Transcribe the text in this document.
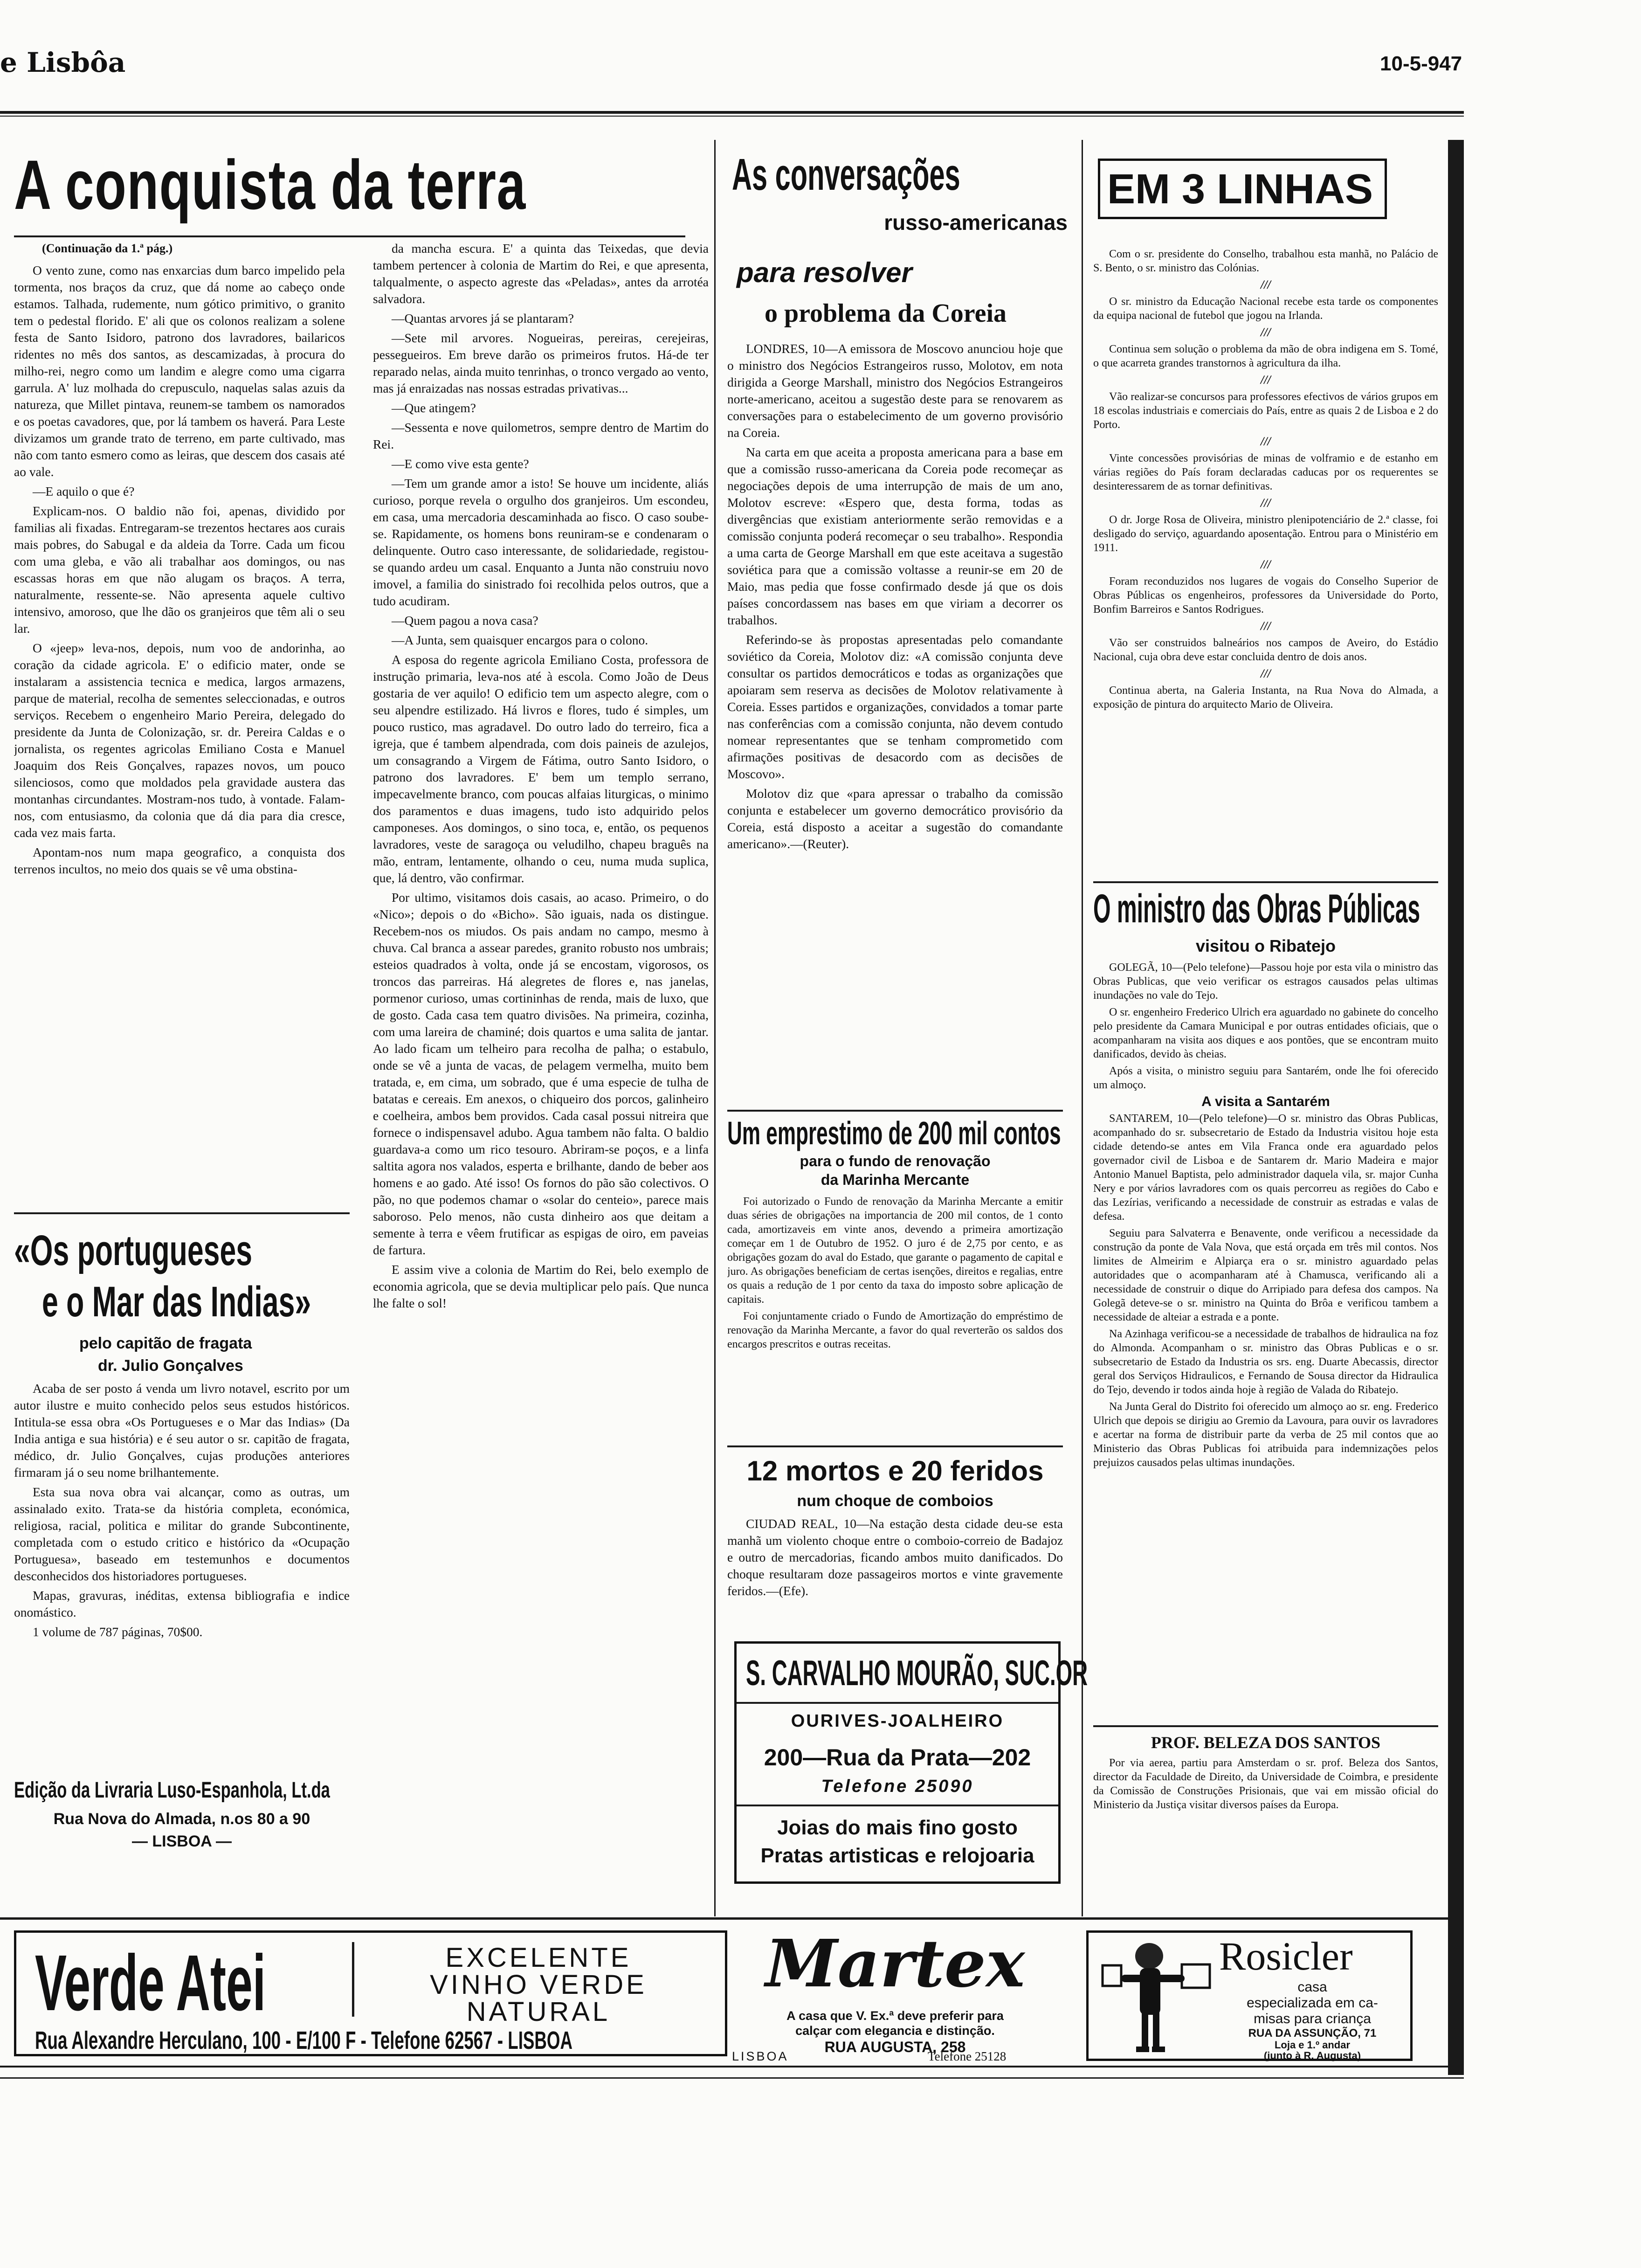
e Lisbôa	10-5-947
A conquista da terra
(Continuação da 1.ª pág.)

O vento zune, como nas enxarcias dum barco impelido pela tormenta, nos braços da cruz, que dá nome ao cabeço onde estamos. Talhada, rudemente, num gótico primitivo, o granito tem o pedestal florido. E' ali que os colonos realizam a solene festa de Santo Isidoro, patrono dos lavradores, bailaricos ridentes no mês dos santos, as descamizadas, à procura do milho-rei, negro como um landim e alegre como uma cigarra garrula. A' luz molhada do crepusculo, naquelas salas azuis da natureza, que Millet pintava, reunem-se tambem os namorados e os poetas cavadores, que, por lá tambem os haverá. Para Leste divizamos um grande trato de terreno, em parte cultivado, mas não com tanto esmero como as leiras, que descem dos casais até ao vale.

—E aquilo o que é?

Explicam-nos. O baldio não foi, apenas, dividido por familias ali fixadas. Entregaram-se trezentos hectares aos curais mais pobres, do Sabugal e da aldeia da Torre. Cada um ficou com uma gleba, e vão ali trabalhar aos domingos, ou nas escassas horas em que não alugam os braços. A terra, naturalmente, ressente-se. Não apresenta aquele cultivo intensivo, amoroso, que lhe dão os granjeiros que têm ali o seu lar.

O «jeep» leva-nos, depois, num voo de andorinha, ao coração da cidade agricola. E' o edificio mater, onde se instalaram a assistencia tecnica e medica, largos armazens, parque de material, recolha de sementes seleccionadas, e outros serviços. Recebem o engenheiro Mario Pereira, delegado do presidente da Junta de Colonização, sr. dr. Pereira Caldas e o jornalista, os regentes agricolas Emiliano Costa e Manuel Joaquim dos Reis Gonçalves, rapazes novos, um pouco silenciosos, como que moldados pela gravidade austera das montanhas circundantes. Mostram-nos tudo, à vontade. Falam-nos, com entusiasmo, da colonia que dá dia para dia cresce, cada vez mais farta.

Apontam-nos num mapa geografico, a conquista dos terrenos incultos, no meio dos quais se vê uma obstina-

da mancha escura. E' a quinta das Teixedas, que devia tambem pertencer à colonia de Martim do Rei, e que apresenta, talqualmente, o aspecto agreste das «Peladas», antes da arrotéa salvadora.

—Quantas arvores já se plantaram?

—Sete mil arvores. Nogueiras, pereiras, cerejeiras, pessegueiros. Em breve darão os primeiros frutos. Há-de ter reparado nelas, ainda muito tenrinhas, o tronco vergado ao vento, mas já enraizadas nas nossas estradas privativas...

—Que atingem?

—Sessenta e nove quilometros, sempre dentro de Martim do Rei.

—E como vive esta gente?

—Tem um grande amor a isto! Se houve um incidente, aliás curioso, porque revela o orgulho dos granjeiros. Um escondeu, em casa, uma mercadoria descaminhada ao fisco. O caso soube-se. Rapidamente, os homens bons reuniram-se e condenaram o delinquente. Outro caso interessante, de solidariedade, registou-se quando ardeu um casal. Enquanto a Junta não construiu novo imovel, a familia do sinistrado foi recolhida pelos outros, que a tudo acudiram.

—Quem pagou a nova casa?

—A Junta, sem quaisquer encargos para o colono.

A esposa do regente agricola Emiliano Costa, professora de instrução primaria, leva-nos até à escola. Como João de Deus gostaria de ver aquilo! O edificio tem um aspecto alegre, com o seu alpendre estilizado. Há livros e flores, tudo é simples, um pouco rustico, mas agradavel. Do outro lado do terreiro, fica a igreja, que é tambem alpendrada, com dois paineis de azulejos, um consagrando a Virgem de Fátima, outro Santo Isidoro, o patrono dos lavradores. E' bem um templo serrano, impecavelmente branco, com poucas alfaias liturgicas, o minimo dos paramentos e duas imagens, tudo isto adquirido pelos camponeses. Aos domingos, o sino toca, e, então, os pequenos lavradores, veste de saragoça ou veludilho, chapeu braguês na mão, entram, lentamente, olhando o ceu, numa muda suplica, que, lá dentro, vão confirmar.

Por ultimo, visitamos dois casais, ao acaso. Primeiro, o do «Nico»; depois o do «Bicho». São iguais, nada os distingue. Recebem-nos os miudos. Os pais andam no campo, mesmo à chuva. Cal branca a assear paredes, granito robusto nos umbrais; esteios quadrados à volta, onde já se encostam, vigorosos, os troncos das parreiras. Há alegretes de flores e, nas janelas, pormenor curioso, umas cortininhas de renda, mais de luxo, que de gosto. Cada casa tem quatro divisões. Na primeira, cozinha, com uma lareira de chaminé; dois quartos e uma salita de jantar. Ao lado ficam um telheiro para recolha de palha; o estabulo, onde se vê a junta de vacas, de pelagem vermelha, muito bem tratada, e, em cima, um sobrado, que é uma especie de tulha de batatas e cereais. Em anexos, o chiqueiro dos porcos, galinheiro e coelheira, ambos bem providos. Cada casal possui nitreira que fornece o indispensavel adubo. Agua tambem não falta. O baldio guardava-a como um rico tesouro. Abriram-se poços, e a linfa saltita agora nos valados, esperta e brilhante, dando de beber aos homens e ao gado. Até isso! Os fornos do pão são colectivos. O pão, no que podemos chamar o «solar do centeio», parece mais saboroso. Pelo menos, não custa dinheiro aos que deitam a semente à terra e vêem frutificar as espigas de oiro, em paveias de fartura.

E assim vive a colonia de Martim do Rei, belo exemplo de economia agricola, que se devia multiplicar pelo país. Que nunca lhe falte o sol!

«Os portugueses
e o Mar das Indias»
pelo capitão de fragata
dr. Julio Gonçalves

Acaba de ser posto á venda um livro notavel, escrito por um autor ilustre e muito conhecido pelos seus estudos históricos. Intitula-se essa obra «Os Portugueses e o Mar das Indias» (Da India antiga e sua história) e é seu autor o sr. capitão de fragata, médico, dr. Julio Gonçalves, cujas produções anteriores firmaram já o seu nome brilhantemente.

Esta sua nova obra vai alcançar, como as outras, um assinalado exito. Trata-se da história completa, económica, religiosa, racial, politica e militar do grande Subcontinente, completada com o estudo critico e histórico da «Ocupação Portuguesa», baseado em testemunhos e documentos desconhecidos dos historiadores portugueses.

Mapas, gravuras, inéditas, extensa bibliografia e indice onomástico.

1 volume de 787 páginas, 70$00.

Edição da Livraria Luso-Espanhola, Lt.da
Rua Nova do Almada, n.os 80 a 90
— LISBOA —
As conversações
russo-americanas
para resolver
o problema da Coreia

LONDRES, 10—A emissora de Moscovo anunciou hoje que o ministro dos Negócios Estrangeiros russo, Molotov, em nota dirigida a George Marshall, ministro dos Negócios Estrangeiros norte-americano, aceitou a sugestão deste para se renovarem as conversações para o estabelecimento de um governo provisório na Coreia.

Na carta em que aceita a proposta americana para a base em que a comissão russo-americana da Coreia pode recomeçar as negociações depois de uma interrupção de mais de um ano, Molotov escreve: «Espero que, desta forma, todas as divergências que existiam anteriormente serão removidas e a comissão conjunta poderá recomeçar o seu trabalho». Respondia a uma carta de George Marshall em que este aceitava a sugestão soviética para que a comissão voltasse a reunir-se em 20 de Maio, mas pedia que fosse confirmado desde já que os dois países concordassem nas bases em que viriam a decorrer os trabalhos.

Referindo-se às propostas apresentadas pelo comandante soviético da Coreia, Molotov diz: «A comissão conjunta deve consultar os partidos democráticos e todas as organizações que apoiaram sem reserva as decisões de Molotov relativamente à Coreia. Esses partidos e organizações, convidados a tomar parte nas conferências com a comissão conjunta, não devem contudo nomear representantes que se tenham comprometido com afirmações positivas de desacordo com as decisões de Moscovo».

Molotov diz que «para apressar o trabalho da comissão conjunta e estabelecer um governo democrático provisório da Coreia, está disposto a aceitar a sugestão do comandante americano».—(Reuter).

Um emprestimo de 200 mil contos
para o fundo de renovação
da Marinha Mercante

Foi autorizado o Fundo de renovação da Marinha Mercante a emitir duas séries de obrigações na importancia de 200 mil contos, de 1 conto cada, amortizaveis em vinte anos, devendo a primeira amortização começar em 1 de Outubro de 1952. O juro é de 2,75 por cento, e as obrigações gozam do aval do Estado, que garante o pagamento de capital e juro. As obrigações beneficiam de certas isenções, direitos e regalias, entre os quais a redução de 1 por cento da taxa do imposto sobre aplicação de capitais.

Foi conjuntamente criado o Fundo de Amortização do empréstimo de renovação da Marinha Mercante, a favor do qual reverterão os saldos dos encargos prescritos e outras receitas.

12 mortos e 20 feridos
num choque de comboios

CIUDAD REAL, 10—Na estação desta cidade deu-se esta manhã um violento choque entre o comboio-correio de Badajoz e outro de mercadorias, ficando ambos muito danificados. Do choque resultaram doze passageiros mortos e vinte gravemente feridos.—(Efe).

S. CARVALHO MOURÃO, SUC.OR
OURIVES-JOALHEIRO
200—Rua da Prata—202
Telefone 25090
Joias do mais fino gosto
Pratas artisticas e relojoaria
EM 3 LINHAS

Com o sr. presidente do Conselho, trabalhou esta manhã, no Palácio de S. Bento, o sr. ministro das Colónias.

///

O sr. ministro da Educação Nacional recebe esta tarde os componentes da equipa nacional de futebol que jogou na Irlanda.

///

Continua sem solução o problema da mão de obra indigena em S. Tomé, o que acarreta grandes transtornos à agricultura da ilha.

///

Vão realizar-se concursos para professores efectivos de vários grupos em 18 escolas industriais e comerciais do País, entre as quais 2 de Lisboa e 2 do Porto.

///

Vinte concessões provisórias de minas de volframio e de estanho em várias regiões do País foram declaradas caducas por os requerentes se desinteressarem de as tornar definitivas.

///

O dr. Jorge Rosa de Oliveira, ministro plenipotenciário de 2.ª classe, foi desligado do serviço, aguardando aposentação. Entrou para o Ministério em 1911.

///

Foram reconduzidos nos lugares de vogais do Conselho Superior de Obras Públicas os engenheiros, professores da Universidade do Porto, Bonfim Barreiros e Santos Rodrigues.

///

Vão ser construidos balneários nos campos de Aveiro, do Estádio Nacional, cuja obra deve estar concluida dentro de dois anos.

///

Continua aberta, na Galeria Instanta, na Rua Nova do Almada, a exposição de pintura do arquitecto Mario de Oliveira.

O ministro das Obras Públicas
visitou o Ribatejo

GOLEGÃ, 10—(Pelo telefone)—Passou hoje por esta vila o ministro das Obras Publicas, que veio verificar os estragos causados pelas ultimas inundações no vale do Tejo.

O sr. engenheiro Frederico Ulrich era aguardado no gabinete do concelho pelo presidente da Camara Municipal e por outras entidades oficiais, que o acompanharam na visita aos diques e aos pontões, que se encontram muito danificados, devido às cheias.

Após a visita, o ministro seguiu para Santarém, onde lhe foi oferecido um almoço.

A visita a Santarém

SANTAREM, 10—(Pelo telefone)—O sr. ministro das Obras Publicas, acompanhado do sr. subsecretario de Estado da Industria visitou hoje esta cidade detendo-se antes em Vila Franca onde era aguardado pelos governador civil de Lisboa e de Santarem dr. Mario Madeira e major Antonio Manuel Baptista, pelo administrador daquela vila, sr. major Cunha Nery e por vários lavradores com os quais percorreu as regiões do Cabo e das Lezírias, verificando a necessidade de construir as estradas e valas de defesa.

Seguiu para Salvaterra e Benavente, onde verificou a necessidade da construção da ponte de Vala Nova, que está orçada em três mil contos. Nos limites de Almeirim e Alpiarça era o sr. ministro aguardado pelas autoridades que o acompanharam até à Chamusca, verificando ali a necessidade de construir o dique do Arripiado para defesa dos campos. Na Golegã deteve-se o sr. ministro na Quinta do Brôa e verificou tambem a necessidade de alteiar a estrada e a ponte.

Na Azinhaga verificou-se a necessidade de trabalhos de hidraulica na foz do Almonda. Acompanham o sr. ministro das Obras Publicas e o sr. subsecretario de Estado da Industria os srs. eng. Duarte Abecassis, director geral dos Serviços Hidraulicos, e Fernando de Sousa director da Hidraulica do Tejo, devendo ir todos ainda hoje à região de Valada do Ribatejo.

Na Junta Geral do Distrito foi oferecido um almoço ao sr. eng. Frederico Ulrich que depois se dirigiu ao Gremio da Lavoura, para ouvir os lavradores e acertar na forma de distribuir parte da verba de 25 mil contos que ao Ministerio das Obras Publicas foi atribuida para indemnizações pelos prejuizos causados pelas ultimas inundações.

PROF. BELEZA DOS SANTOS

Por via aerea, partiu para Amsterdam o sr. prof. Beleza dos Santos, director da Faculdade de Direito, da Universidade de Coimbra, e presidente da Comissão de Construções Prisionais, que vai em missão oficial do Ministerio da Justiça visitar diversos países da Europa.

Verde Atei	EXCELENTE
VINHO VERDE
NATURAL
Rua Alexandre Herculano, 100 - E/100 F - Telefone 62567 - LISBOA
Martex
A casa que V. Ex.ª deve preferir para
calçar com elegancia e distinção.
RUA AUGUSTA, 258
LISBOA	Telefone 25128
Rosicler
casa
especializada em ca-
misas para criança
RUA DA ASSUNÇÃO, 71
Loja e 1.º andar
(junto à R. Augusta)
